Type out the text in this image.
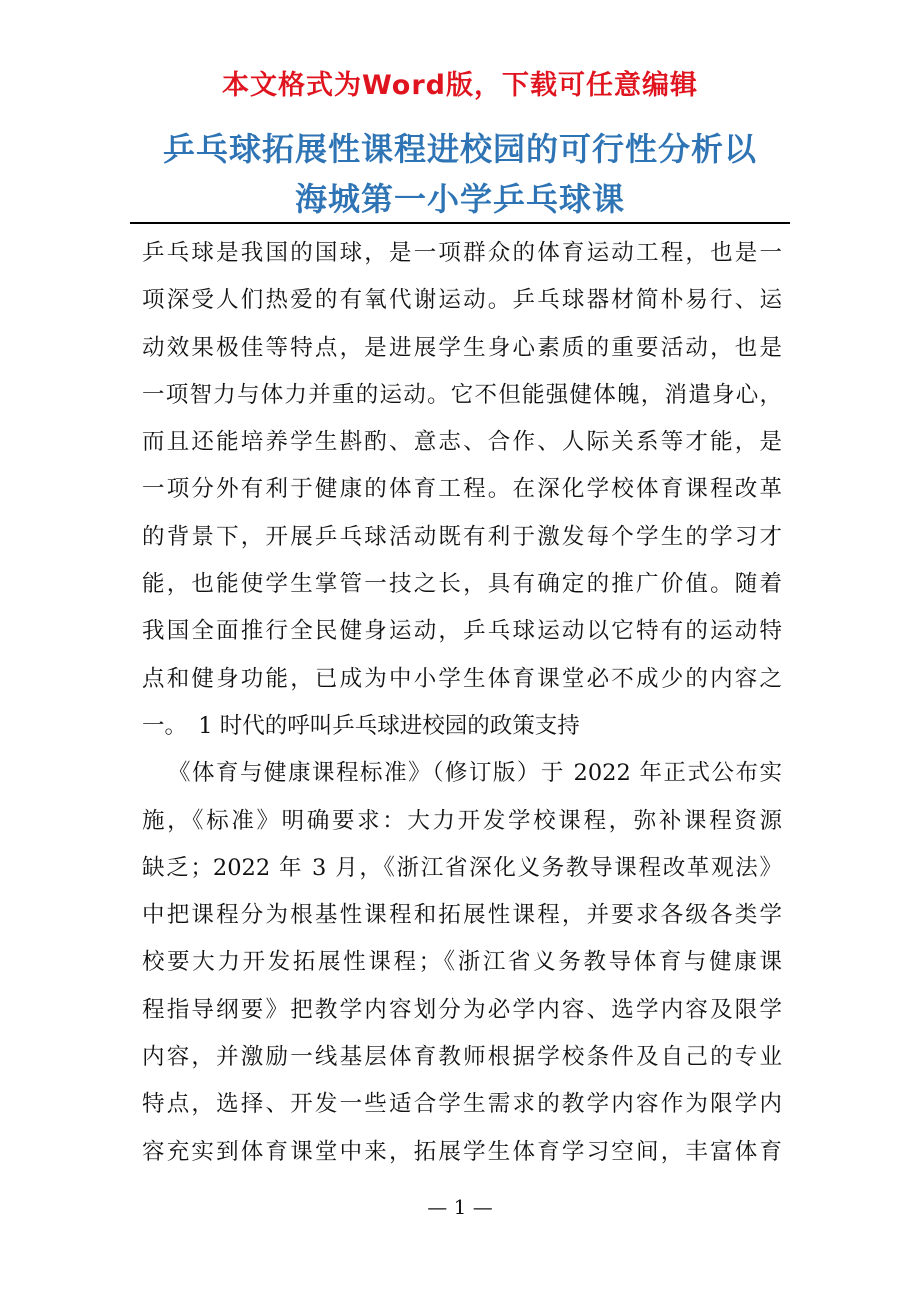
本文格式为Word版，下载可任意编辑
乒乓球拓展性课程进校园的可行性分析以
海城第一小学乒乓球课
乒乓球是我国的国球，是一项群众的体育运动工程，也是一
项深受人们热爱的有氧代谢运动。乒乓球器材简朴易行、运
动效果极佳等特点，是进展学生身心素质的重要活动，也是
一项智力与体力并重的运动。它不但能强健体魄，消遣身心，
而且还能培养学生斟酌、意志、合作、人际关系等才能，是
一项分外有利于健康的体育工程。在深化学校体育课程改革
的背景下，开展乒乓球活动既有利于激发每个学生的学习才
能，也能使学生掌管一技之长，具有确定的推广价值。随着
我国全面推行全民健身运动，乒乓球运动以它特有的运动特
点和健身功能，已成为中小学生体育课堂必不成少的内容之
一。　1 时代的呼叫乒乓球进校园的政策支持
《体育与健康课程标准》（修订版）于 2022 年正式公布实
施，《标准》明确要求：大力开发学校课程，弥补课程资源
缺乏；2022 年 3 月，《浙江省深化义务教导课程改革观法》
中把课程分为根基性课程和拓展性课程，并要求各级各类学
校要大力开发拓展性课程；《浙江省义务教导体育与健康课
程指导纲要》把教学内容划分为必学内容、选学内容及限学
内容，并激励一线基层体育教师根据学校条件及自己的专业
特点，选择、开发一些适合学生需求的教学内容作为限学内
容充实到体育课堂中来，拓展学生体育学习空间，丰富体育
— 1 —
